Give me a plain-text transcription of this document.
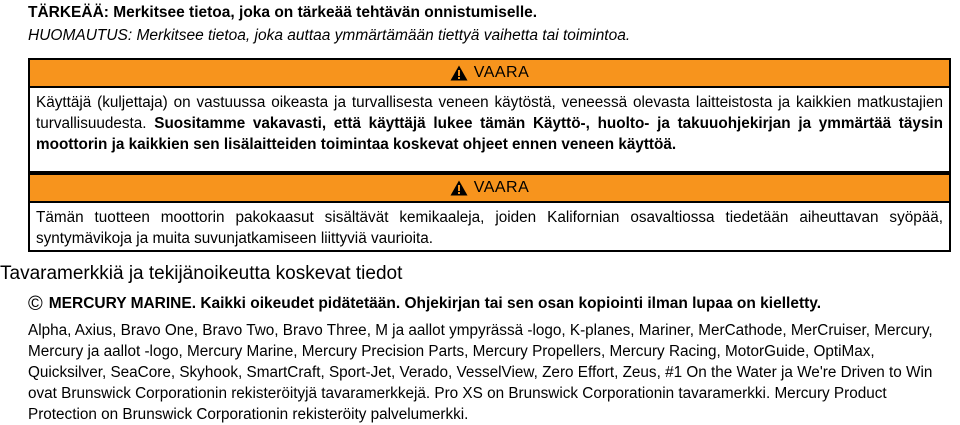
TÄRKEÄÄ: Merkitsee tietoa, joka on tärkeää tehtävän onnistumiselle.
HUOMAUTUS: Merkitsee tietoa, joka auttaa ymmärtämään tiettyä vaihetta tai toimintoa.
VAARA
Käyttäjä (kuljettaja) on vastuussa oikeasta ja turvallisesta veneen käytöstä, veneessä olevasta laitteistosta ja kaikkien matkustajien turvallisuudesta. Suositamme vakavasti, että käyttäjä lukee tämän Käyttö-, huolto- ja takuuohjekirjan ja ymmärtää täysin moottorin ja kaikkien sen lisälaitteiden toimintaa koskevat ohjeet ennen veneen käyttöä.
VAARA
Tämän tuotteen moottorin pakokaasut sisältävät kemikaaleja, joiden Kalifornian osavaltiossa tiedetään aiheuttavan syöpää, syntymävikoja ja muita suvunjatkamiseen liittyviä vaurioita.
Tavaramerkkiä ja tekijänoikeutta koskevat tiedot
© MERCURY MARINE. Kaikki oikeudet pidätetään. Ohjekirjan tai sen osan kopiointi ilman lupaa on kielletty.
Alpha, Axius, Bravo One, Bravo Two, Bravo Three, M ja aallot ympyrässä -logo, K-planes, Mariner, MerCathode, MerCruiser, Mercury, Mercury ja aallot -logo, Mercury Marine, Mercury Precision Parts, Mercury Propellers, Mercury Racing, MotorGuide, OptiMax, Quicksilver, SeaCore, Skyhook, SmartCraft, Sport-Jet, Verado, VesselView, Zero Effort, Zeus, #1 On the Water ja We're Driven to Win ovat Brunswick Corporationin rekisteröityjä tavaramerkkejä. Pro XS on Brunswick Corporationin tavaramerkki. Mercury Product Protection on Brunswick Corporationin rekisteröity palvelumerkki.
